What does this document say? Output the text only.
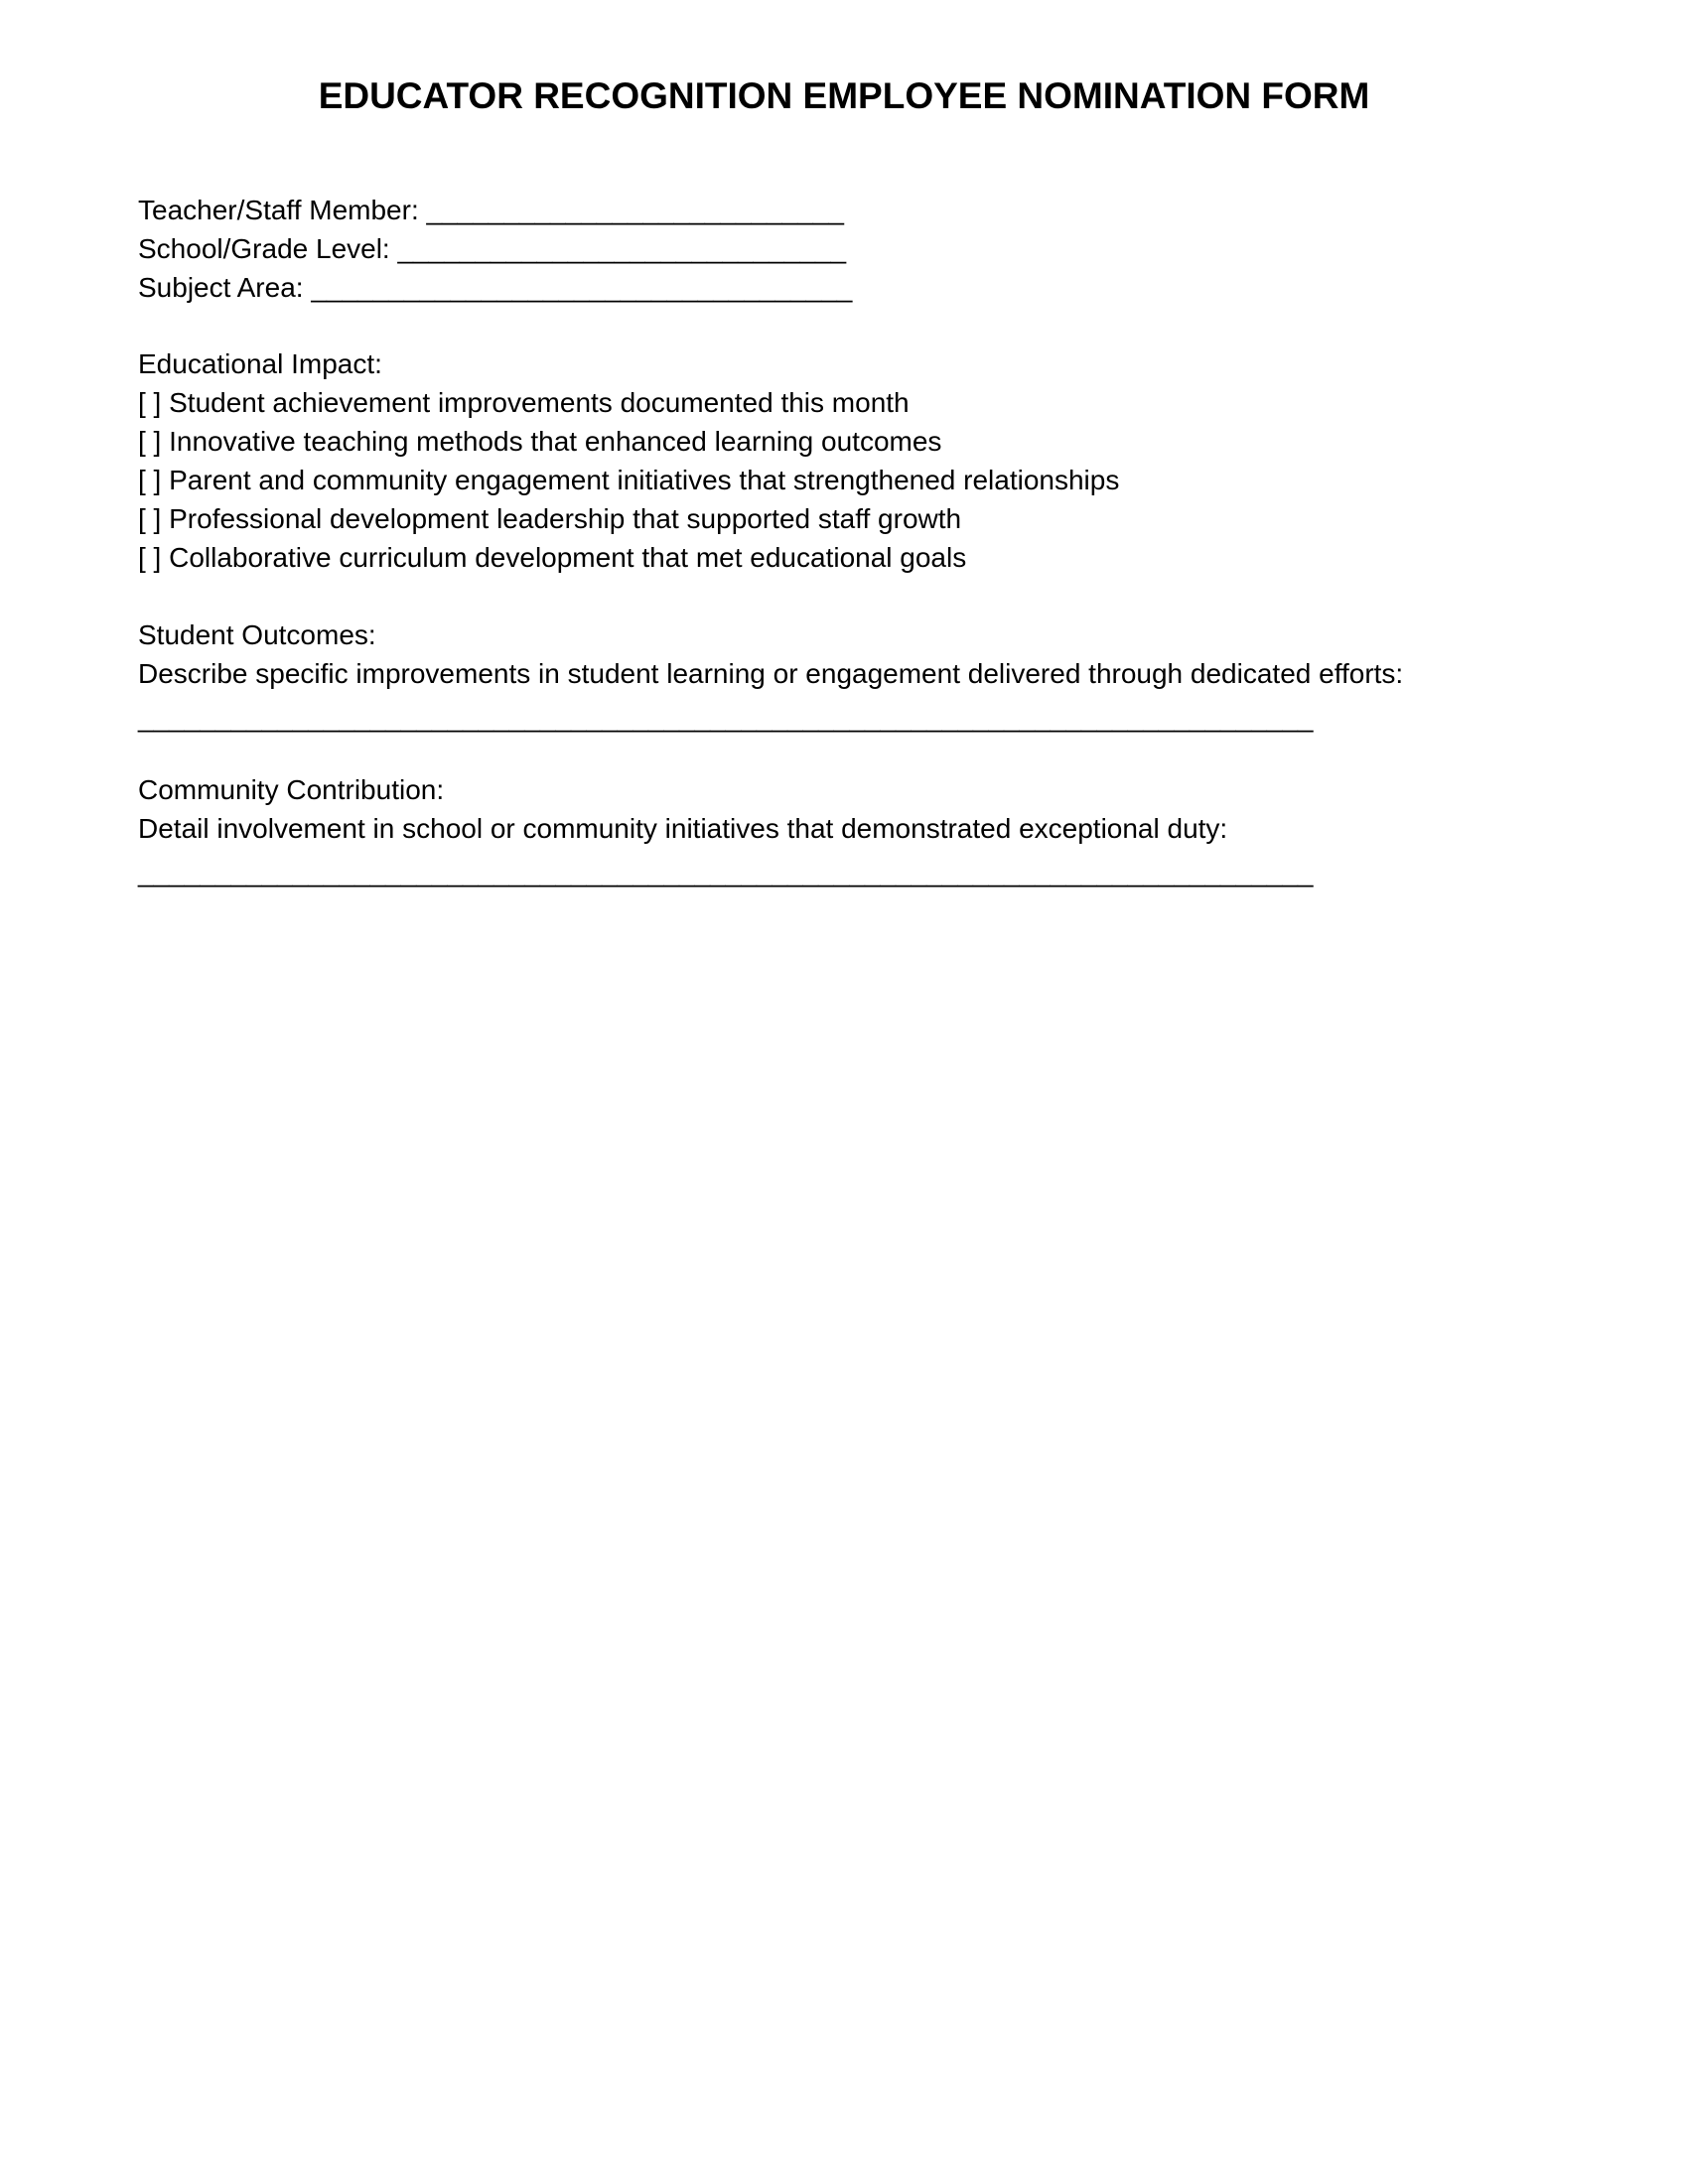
EDUCATOR RECOGNITION EMPLOYEE NOMINATION FORM
Teacher/Staff Member: ___________________________
School/Grade Level: _____________________________
Subject Area: ___________________________________
Educational Impact:
[ ] Student achievement improvements documented this month
[ ] Innovative teaching methods that enhanced learning outcomes
[ ] Parent and community engagement initiatives that strengthened relationships
[ ] Professional development leadership that supported staff growth
[ ] Collaborative curriculum development that met educational goals
Student Outcomes:
Describe specific improvements in student learning or engagement delivered through dedicated efforts:
____________________________________________________________________________
Community Contribution:
Detail involvement in school or community initiatives that demonstrated exceptional duty:
____________________________________________________________________________
